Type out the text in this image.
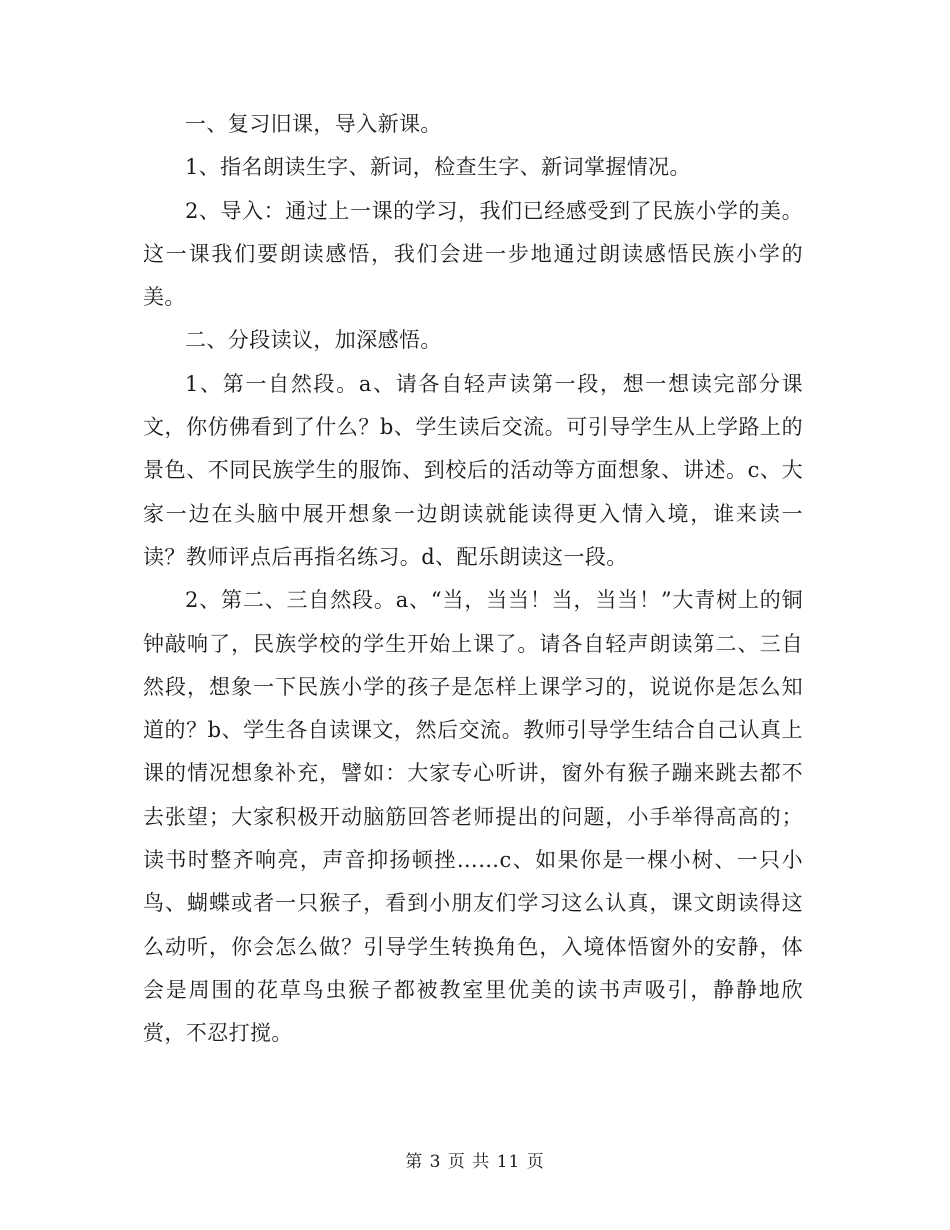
一、复习旧课，导入新课。

1、指名朗读生字、新词，检查生字、新词掌握情况。

2、导入：通过上一课的学习，我们已经感受到了民族小学的美。这一课我们要朗读感悟，我们会进一步地通过朗读感悟民族小学的美。

二、分段读议，加深感悟。

1、第一自然段。a、请各自轻声读第一段，想一想读完部分课文，你仿佛看到了什么？b、学生读后交流。可引导学生从上学路上的景色、不同民族学生的服饰、到校后的活动等方面想象、讲述。c、大家一边在头脑中展开想象一边朗读就能读得更入情入境，谁来读一读？教师评点后再指名练习。d、配乐朗读这一段。

2、第二、三自然段。a、“当，当当！当，当当！”大青树上的铜钟敲响了，民族学校的学生开始上课了。请各自轻声朗读第二、三自然段，想象一下民族小学的孩子是怎样上课学习的，说说你是怎么知道的？b、学生各自读课文，然后交流。教师引导学生结合自己认真上课的情况想象补充，譬如：大家专心听讲，窗外有猴子蹦来跳去都不去张望；大家积极开动脑筋回答老师提出的问题，小手举得高高的；读书时整齐响亮，声音抑扬顿挫……c、如果你是一棵小树、一只小鸟、蝴蝶或者一只猴子，看到小朋友们学习这么认真，课文朗读得这么动听，你会怎么做？引导学生转换角色，入境体悟窗外的安静，体会是周围的花草鸟虫猴子都被教室里优美的读书声吸引，静静地欣赏，不忍打搅。

第 3 页 共 11 页
